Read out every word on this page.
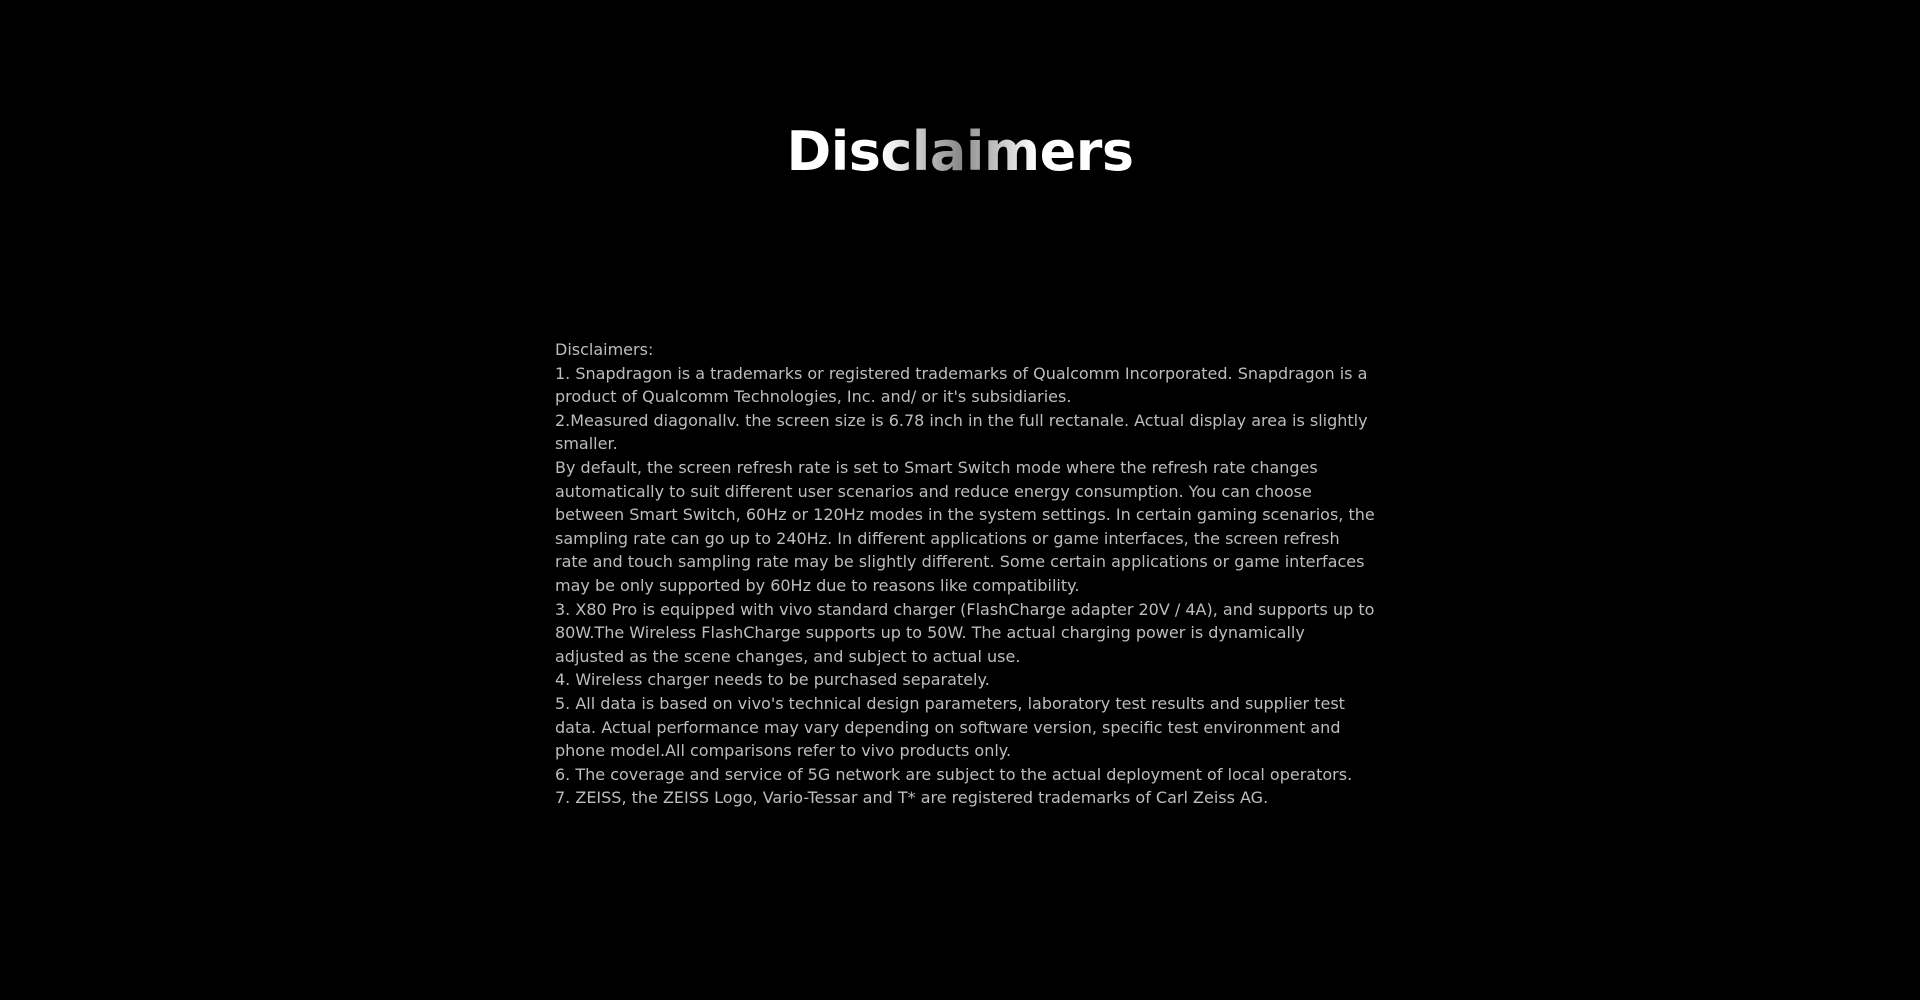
Disclaimers

Disclaimers:

1. Snapdragon is a trademarks or registered trademarks of Qualcomm Incorporated. Snapdragon is a product of Qualcomm Technologies, Inc. and/ or it's subsidiaries.

2.Measured diagonallv. the screen size is 6.78 inch in the full rectanale. Actual display area is slightly smaller.

By default, the screen refresh rate is set to Smart Switch mode where the refresh rate changes automatically to suit different user scenarios and reduce energy consumption. You can choose between Smart Switch, 60Hz or 120Hz modes in the system settings. In certain gaming scenarios, the sampling rate can go up to 240Hz. In different applications or game interfaces, the screen refresh rate and touch sampling rate may be slightly different. Some certain applications or game interfaces may be only supported by 60Hz due to reasons like compatibility.

3. X80 Pro is equipped with vivo standard charger (FlashCharge adapter 20V / 4A), and supports up to 80W.The Wireless FlashCharge supports up to 50W. The actual charging power is dynamically adjusted as the scene changes, and subject to actual use.

4. Wireless charger needs to be purchased separately.

5. All data is based on vivo's technical design parameters, laboratory test results and supplier test data. Actual performance may vary depending on software version, specific test environment and phone model.All comparisons refer to vivo products only.

6. The coverage and service of 5G network are subject to the actual deployment of local operators.

7. ZEISS, the ZEISS Logo, Vario-Tessar and T* are registered trademarks of Carl Zeiss AG.
